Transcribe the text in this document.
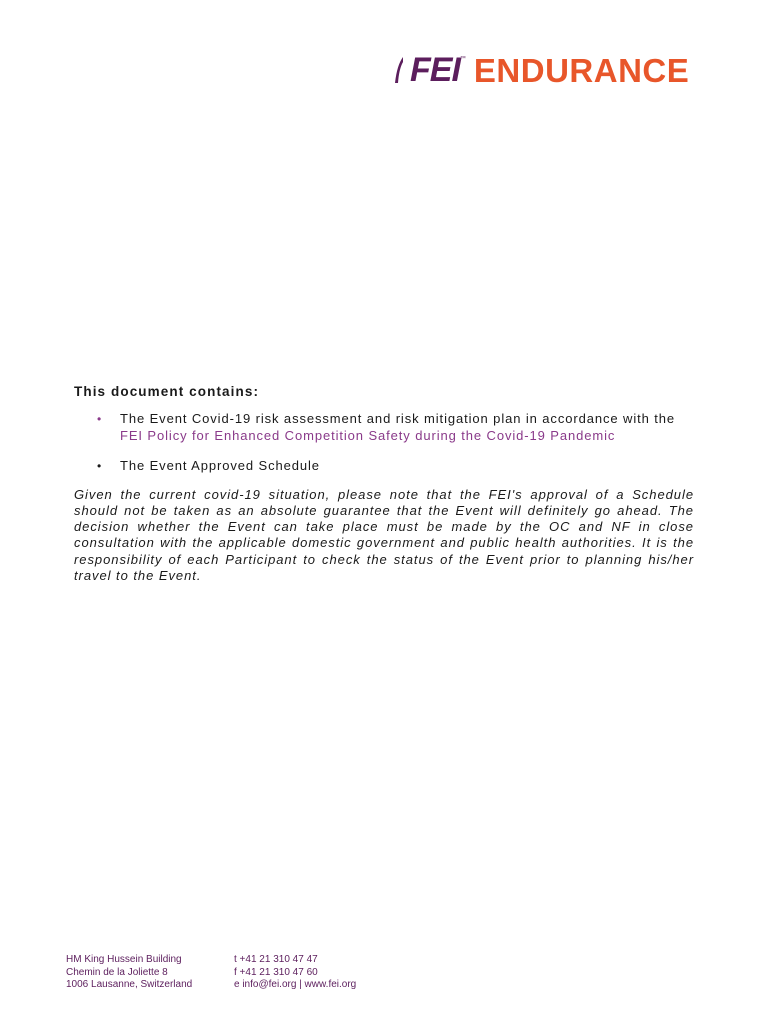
FEI ™ ENDURANCE
This document contains:
• The Event Covid-19 risk assessment and risk mitigation plan in accordance with the FEI Policy for Enhanced Competition Safety during the Covid-19 Pandemic
• The Event Approved Schedule
Given the current covid-19 situation, please note that the FEI's approval of a Schedule should not be taken as an absolute guarantee that the Event will definitely go ahead. The decision whether the Event can take place must be made by the OC and NF in close consultation with the applicable domestic government and public health authorities. It is the responsibility of each Participant to check the status of the Event prior to planning his/her travel to the Event.
HM King Hussein Building
Chemin de la Joliette 8
1006 Lausanne, Switzerland
t +41 21 310 47 47
f +41 21 310 47 60
e info@fei.org | www.fei.org
